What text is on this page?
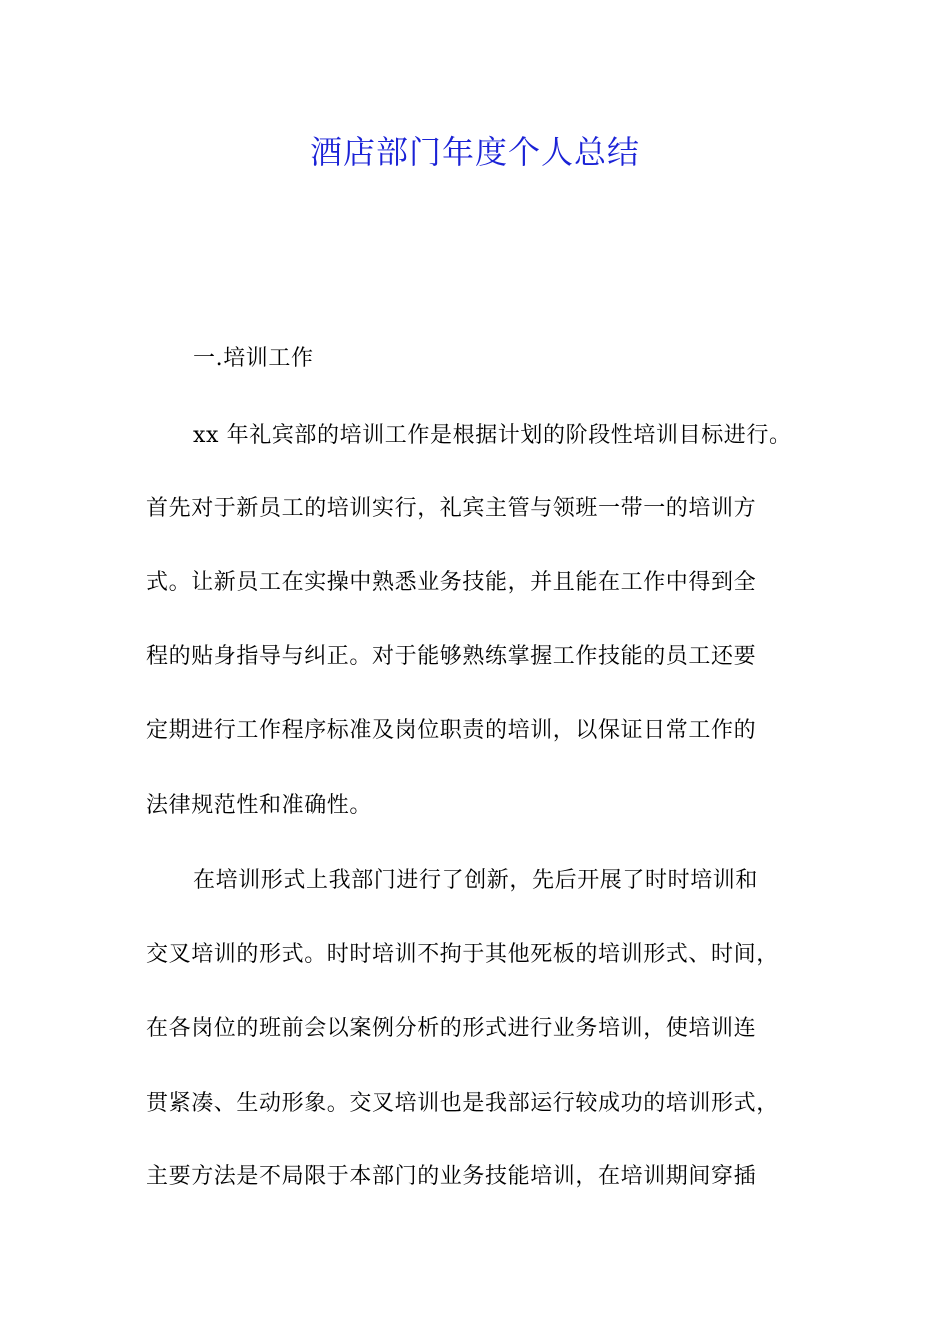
酒店部门年度个人总结
一.培训工作
xx 年礼宾部的培训工作是根据计划的阶段性培训目标进行。
首先对于新员工的培训实行，礼宾主管与领班一带一的培训方
式。让新员工在实操中熟悉业务技能，并且能在工作中得到全
程的贴身指导与纠正。对于能够熟练掌握工作技能的员工还要
定期进行工作程序标准及岗位职责的培训，以保证日常工作的
法律规范性和准确性。
在培训形式上我部门进行了创新，先后开展了时时培训和
交叉培训的形式。时时培训不拘于其他死板的培训形式、时间，
在各岗位的班前会以案例分析的形式进行业务培训，使培训连
贯紧凑、生动形象。交叉培训也是我部运行较成功的培训形式，
主要方法是不局限于本部门的业务技能培训，在培训期间穿插
